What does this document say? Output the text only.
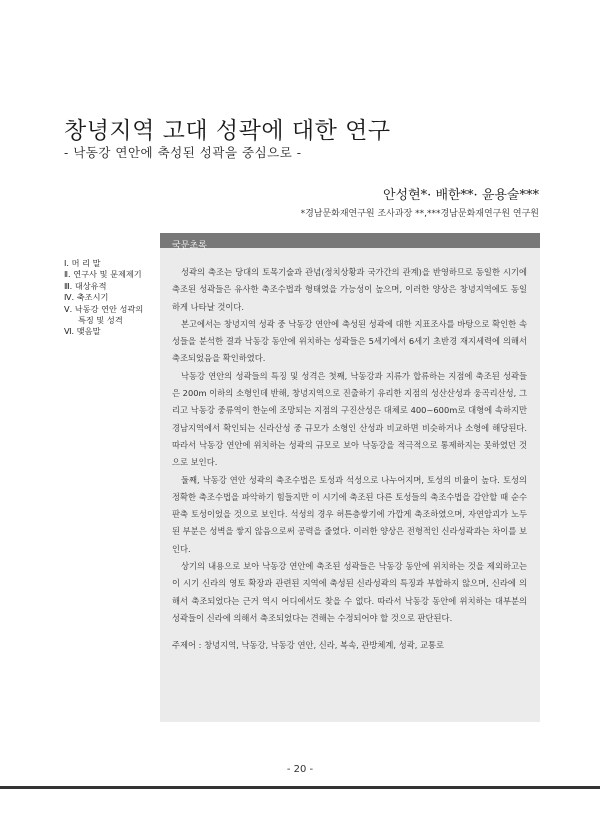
창녕지역 고대 성곽에 대한 연구
- 낙동강 연안에 축성된 성곽을 중심으로 -
안성현*· 배한**· 윤용술***
*경남문화재연구원 조사과장 **,***경남문화재연구원 연구원
Ⅰ. 머 리 말
Ⅱ. 연구사 및 문제제기
Ⅲ. 대상유적
Ⅳ. 축조시기
Ⅴ. 낙동강 연안 성곽의
특징 및 성격
Ⅵ. 맺음말
국문초록

성곽의 축조는 당대의 토목기술과 관념(정치상황과 국가간의 관계)을 반영하므로 동일한 시기에 축조된 성곽들은 유사한 축조수법과 형태였을 가능성이 높으며, 이러한 양상은 창녕지역에도 동일하게 나타날 것이다.

본고에서는 창녕지역 성곽 중 낙동강 연안에 축성된 성곽에 대한 지표조사를 바탕으로 확인한 속성들을 분석한 결과 낙동강 동안에 위치하는 성곽들은 5세기에서 6세기 초반경 재지세력에 의해서 축조되었음을 확인하였다.

낙동강 연안의 성곽들의 특징 및 성격은 첫째, 낙동강과 지류가 합류하는 지점에 축조된 성곽들은 200m 이하의 소형인데 반해, 창녕지역으로 진출하기 유리한 지점의 성산산성과 웅곡리산성, 그리고 낙동강 중류역이 한눈에 조망되는 지점의 구진산성은 대체로 400~600m로 대형에 속하지만 경남지역에서 확인되는 신라산성 중 규모가 소형인 산성과 비교하면 비슷하거나 소형에 해당된다. 따라서 낙동강 연안에 위치하는 성곽의 규모로 보아 낙동강을 적극적으로 통제하지는 못하였던 것으로 보인다.

둘째, 낙동강 연안 성곽의 축조수법은 토성과 석성으로 나누어지며, 토성의 비율이 높다. 토성의 정확한 축조수법을 파악하기 힘들지만 이 시기에 축조된 다른 토성들의 축조수법을 감안할 때 순수판축 토성이었을 것으로 보인다. 석성의 경우 허튼층쌓기에 가깝게 축조하였으며, 자연암괴가 노두된 부분은 성벽을 쌓지 않음으로써 공력을 줄였다. 이러한 양상은 전형적인 신라성곽과는 차이를 보인다.

상기의 내용으로 보아 낙동강 연안에 축조된 성곽들은 낙동강 동안에 위치하는 것을 제외하고는 이 시기 신라의 영토 확장과 관련된 지역에 축성된 신라성곽의 특징과 부합하지 않으며, 신라에 의해서 축조되었다는 근거 역시 어디에서도 찾을 수 없다. 따라서 낙동강 동안에 위치하는 대부분의 성곽들이 신라에 의해서 축조되었다는 견해는 수정되어야 할 것으로 판단된다.

주제어 : 창녕지역, 낙동강, 낙동강 연안, 신라, 복속, 관방체계, 성곽, 교통로
- 20 -
